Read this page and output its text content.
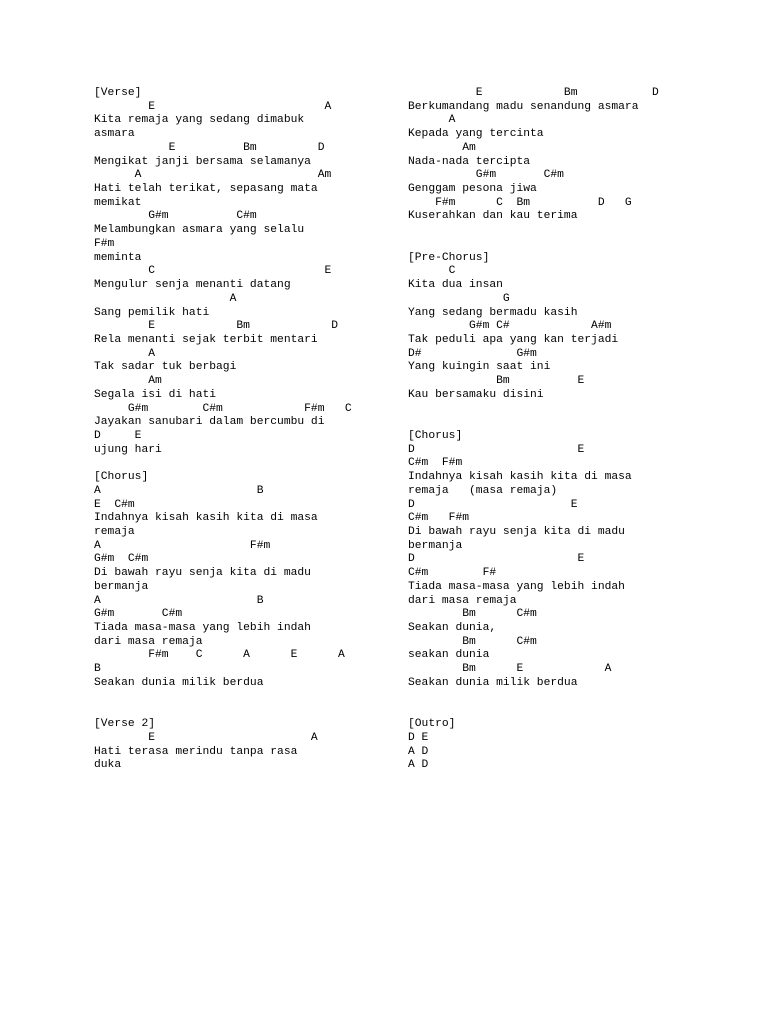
[Verse]
E                         A
Kita remaja yang sedang dimabuk
asmara
E          Bm         D
Mengikat janji bersama selamanya
A                          Am
Hati telah terikat, sepasang mata
memikat
G#m          C#m
Melambungkan asmara yang selalu
F#m
meminta
C                         E
Mengulur senja menanti datang
A
Sang pemilik hati
E            Bm            D
Rela menanti sejak terbit mentari
A
Tak sadar tuk berbagi
Am
Segala isi di hati
G#m        C#m            F#m   C
Jayakan sanubari dalam bercumbu di
D     E
ujung hari
[Chorus]
A                       B
E  C#m
Indahnya kisah kasih kita di masa
remaja
A                      F#m
G#m  C#m
Di bawah rayu senja kita di madu
bermanja
A                       B
G#m       C#m
Tiada masa-masa yang lebih indah
dari masa remaja
F#m    C      A      E      A
B
Seakan dunia milik berdua
[Verse 2]
E                       A
Hati terasa merindu tanpa rasa
duka
E            Bm           D
Berkumandang madu senandung asmara
A
Kepada yang tercinta
Am
Nada-nada tercipta
G#m       C#m
Genggam pesona jiwa
F#m      C  Bm          D   G
Kuserahkan dan kau terima
[Pre-Chorus]
C
Kita dua insan
G
Yang sedang bermadu kasih
G#m C#            A#m
Tak peduli apa yang kan terjadi
D#              G#m
Yang kuingin saat ini
Bm          E
Kau bersamaku disini
[Chorus]
D                        E
C#m  F#m
Indahnya kisah kasih kita di masa
remaja   (masa remaja)
D                       E
C#m   F#m
Di bawah rayu senja kita di madu
bermanja
D                        E
C#m        F#
Tiada masa-masa yang lebih indah
dari masa remaja
Bm      C#m
Seakan dunia,
Bm      C#m
seakan dunia
Bm      E            A
Seakan dunia milik berdua
[Outro]
D E
A D
A D
